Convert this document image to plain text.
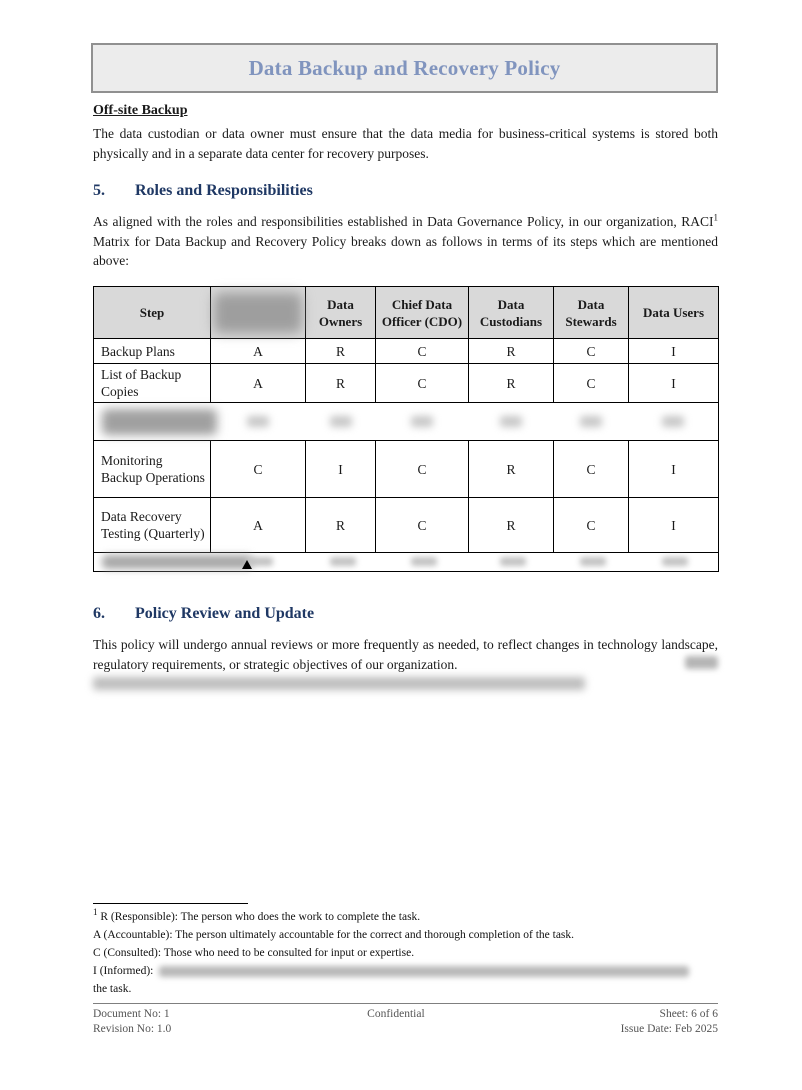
Data Backup and Recovery Policy
Off-site Backup
The data custodian or data owner must ensure that the data media for business-critical systems is stored both physically and in a separate data center for recovery purposes.
5. Roles and Responsibilities
As aligned with the roles and responsibilities established in Data Governance Policy, in our organization, RACI$^1$ Matrix for Data Backup and Recovery Policy breaks down as follows in terms of its steps which are mentioned above:
Step		Data Owners	Chief Data Officer (CDO)	Data Custodians	Data Stewards	Data Users
Backup Plans	A	R	C	R	C	I
List of Backup Copies	A	R	C	R	C	I

Monitoring Backup Operations	C	I	C	R	C	I
Data Recovery Testing (Quarterly)	A	R	C	R	C	I

6. Policy Review and Update
This policy will undergo annual reviews or more frequently as needed, to reflect changes in technology landscape, regulatory requirements, or strategic objectives of our organization.
$^1$ R (Responsible): The person who does the work to complete the task.
A (Accountable): The person ultimately accountable for the correct and thorough completion of the task.
C (Consulted): Those who need to be consulted for input or expertise.
I (Informed):
the task.
Document No: 1
Revision No: 1.0
Confidential	Sheet: 6 of 6
Issue Date: Feb 2025
